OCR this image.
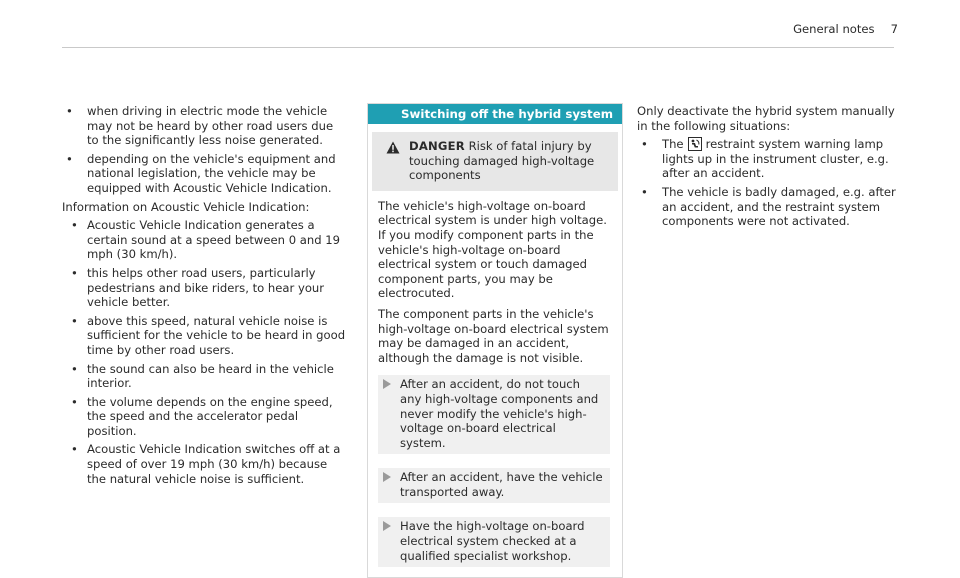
General notes 7
• when driving in electric mode the vehicle may not be heard by other road users due to the significantly less noise generated.
• depending on the vehicle's equipment and national legislation, the vehicle may be equipped with Acoustic Vehicle Indication.
Information on Acoustic Vehicle Indication:
• Acoustic Vehicle Indication generates a certain sound at a speed between 0 and 19 mph (30 km/h).
• this helps other road users, particularly pedestrians and bike riders, to hear your vehicle better.
• above this speed, natural vehicle noise is sufficient for the vehicle to be heard in good time by other road users.
• the sound can also be heard in the vehicle interior.
• the volume depends on the engine speed, the speed and the accelerator pedal position.
• Acoustic Vehicle Indication switches off at a speed of over 19 mph (30 km/h) because the natural vehicle noise is sufficient.
Switching off the hybrid system
DANGER Risk of fatal injury by touching damaged high-voltage components
The vehicle's high-voltage on-board electrical system is under high voltage. If you modify component parts in the vehicle's high-voltage on-board electrical system or touch damaged component parts, you may be electrocuted.
The component parts in the vehicle's high-voltage on-board electrical system may be damaged in an accident, although the damage is not visible.
After an accident, do not touch any high-voltage components and never modify the vehicle's high-voltage on-board electrical system.
After an accident, have the vehicle transported away.
Have the high-voltage on-board electrical system checked at a qualified specialist workshop.
Only deactivate the hybrid system manually in the following situations:
• The restraint system warning lamp lights up in the instrument cluster, e.g. after an accident.
• The vehicle is badly damaged, e.g. after an accident, and the restraint system components were not activated.
